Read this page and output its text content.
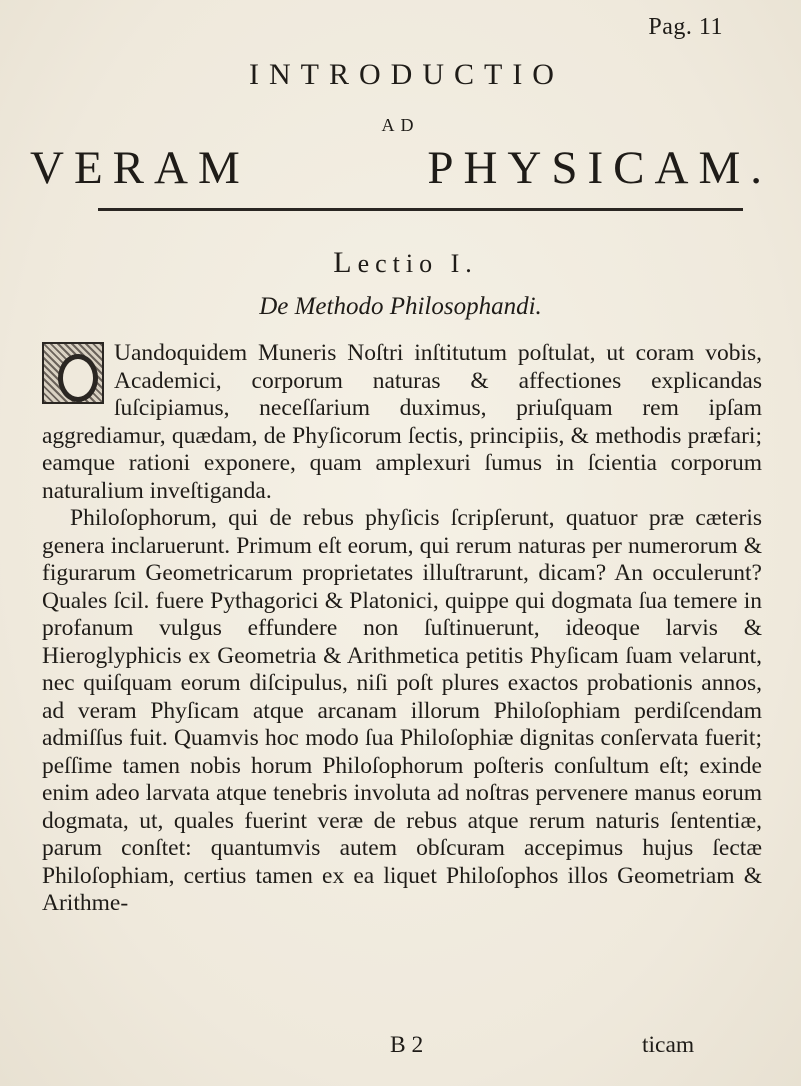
Pag. 11
INTRODUCTIO
AD
VERAM PHYSICAM.
Lectio I.
De Methodo Philosophandi.

Uandoquidem Muneris Noſtri inſtitutum poſtulat, ut coram vobis, Academici, corporum naturas & affectiones explicandas ſuſcipiamus, neceſſarium duximus, priuſquam rem ipſam aggrediamur, quædam, de Phyſicorum ſectis, principiis, & methodis præfari; eamque rationi exponere, quam amplexuri ſumus in ſcientia corporum naturalium inveſtiganda.

Philoſophorum, qui de rebus phyſicis ſcripſerunt, quatuor præ cæteris genera inclaruerunt. Primum eſt eorum, qui rerum naturas per numerorum & figurarum Geometricarum proprietates illuſtrarunt, dicam? An occulerunt? Quales ſcil. fuere Pythagorici & Platonici, quippe qui dogmata ſua temere in profanum vulgus effundere non ſuſtinuerunt, ideoque larvis & Hieroglyphicis ex Geometria & Arithmetica petitis Phyſicam ſuam velarunt, nec quiſquam eorum diſcipulus, niſi poſt plures exactos probationis annos, ad veram Phyſicam atque arcanam illorum Philoſophiam perdiſcendam admiſſus fuit. Quamvis hoc modo ſua Philoſophiæ dignitas conſervata fuerit; peſſime tamen nobis horum Philoſophorum poſteris conſultum eſt; exinde enim adeo larvata atque tenebris involuta ad noſtras pervenere manus eorum dogmata, ut, quales fuerint veræ de rebus atque rerum naturis ſententiæ, parum conſtet: quantumvis autem obſcuram accepimus hujus ſectæ Philoſophiam, certius tamen ex ea liquet Philoſophos illos Geometriam & Arithme-

B 2	ticam
